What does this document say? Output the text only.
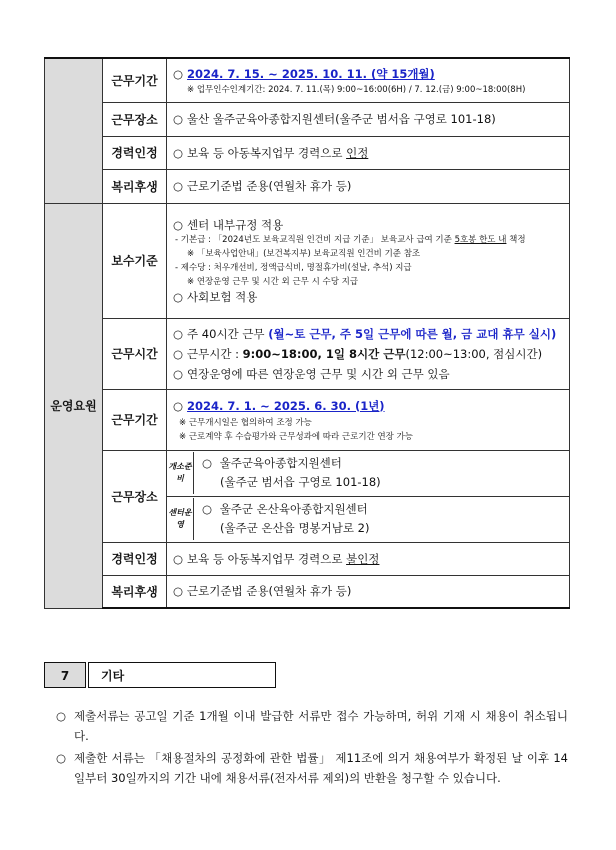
	근무기간	○ 2024. 7. 15. ~ 2025. 10. 11. (약 15개월)
※ 업무인수인계기간: 2024. 7. 11.(목) 9:00~16:00(6H) / 7. 12.(금) 9:00~18:00(8H)

근무장소	○ 울산 울주군육아종합지원센터(울주군 범서읍 구영로 101-18)
경력인정	○ 보육 등 아동복지업무 경력으로 인정
복리후생	○ 근로기준법 준용(연월차 휴가 등)
운영요원	보수기준	
○ 센터 내부규정 적용
- 기본급 : 「2024년도 보육교직원 인건비 지급 기준」 보육교사 급여 기준 5호봉 한도 내 책정
※ 「보육사업안내」(보건복지부) 보육교직원 인건비 기준 참조
- 제수당 : 처우개선비, 정액급식비, 명절휴가비(설날, 추석) 지급
※ 연장운영 근무 및 시간 외 근무 시 수당 지급
○ 사회보험 적용

근무시간	
○ 주 40시간 근무 (월~토 근무, 주 5일 근무에 따른 월, 금 교대 휴무 실시)
○ 근무시간 : 9:00~18:00, 1일 8시간 근무(12:00~13:00, 점심시간)
○ 연장운영에 따른 연장운영 근무 및 시간 외 근무 있음

근무기간	
○ 2024. 7. 1. ~ 2025. 6. 30. (1년)
※ 근무개시일은 협의하여 조정 가능
※ 근로계약 후 수습평가와 근무성과에 따라 근로기간 연장 가능

근무장소	
개소준비	
○ 울주군육아종합지원센터
(울주군 범서읍 구영로 101-18)

센터운영	
○ 울주군 온산육아종합지원센터
(울주군 온산읍 명봉거남로 2)

경력인정	○ 보육 등 아동복지업무 경력으로 불인정
복리후생	○ 근로기준법 준용(연월차 휴가 등)
7	기타
○ 제출서류는 공고일 기준 1개월 이내 발급한 서류만 접수 가능하며, 허위 기재 시 채용이 취소됩니다.
○ 제출한 서류는 「채용절차의 공정화에 관한 법률」 제11조에 의거 채용여부가 확정된 날 이후 14일부터 30일까지의 기간 내에 채용서류(전자서류 제외)의 반환을 청구할 수 있습니다.
